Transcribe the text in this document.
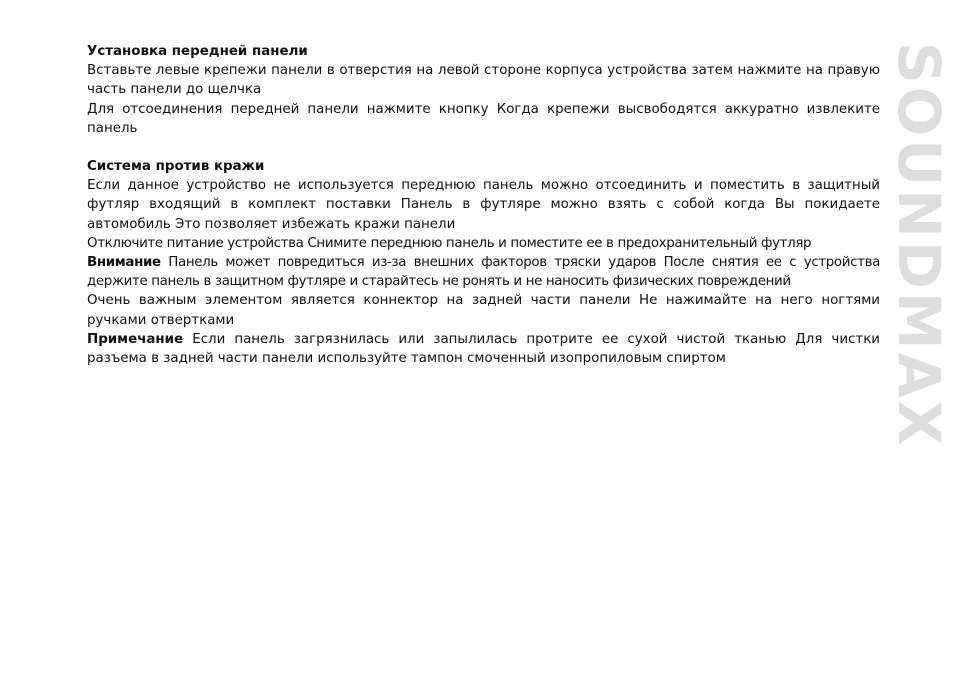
Установка передней панели

Вставьте левые крепежи панели в отверстия на левой стороне корпуса устройства затем нажмите на правую часть панели до щелчка

Для отсоединения передней панели нажмите кнопку Когда крепежи высвободятся аккуратно извлеките панель

Система против кражи

Если данное устройство не используется переднюю панель можно отсоединить и поместить в защитный футляр входящий в комплект поставки Панель в футляре можно взять с собой когда Вы покидаете автомобиль Это позволяет избежать кражи панели

Отключите питание устройства Снимите переднюю панель и поместите ее в предохранительный футляр

Внимание Панель может повредиться из-за внешних факторов тряски ударов После снятия ее с устройства держите панель в защитном футляре и старайтесь не ронять и не наносить физических повреждений

Очень важным элементом является коннектор на задней части панели Не нажимайте на него ногтями ручками отвертками

Примечание Если панель загрязнилась или запылилась протрите ее сухой чистой тканью Для чистки разъема в задней части панели используйте тампон смоченный изопропиловым спиртом	SOUNDMAX
